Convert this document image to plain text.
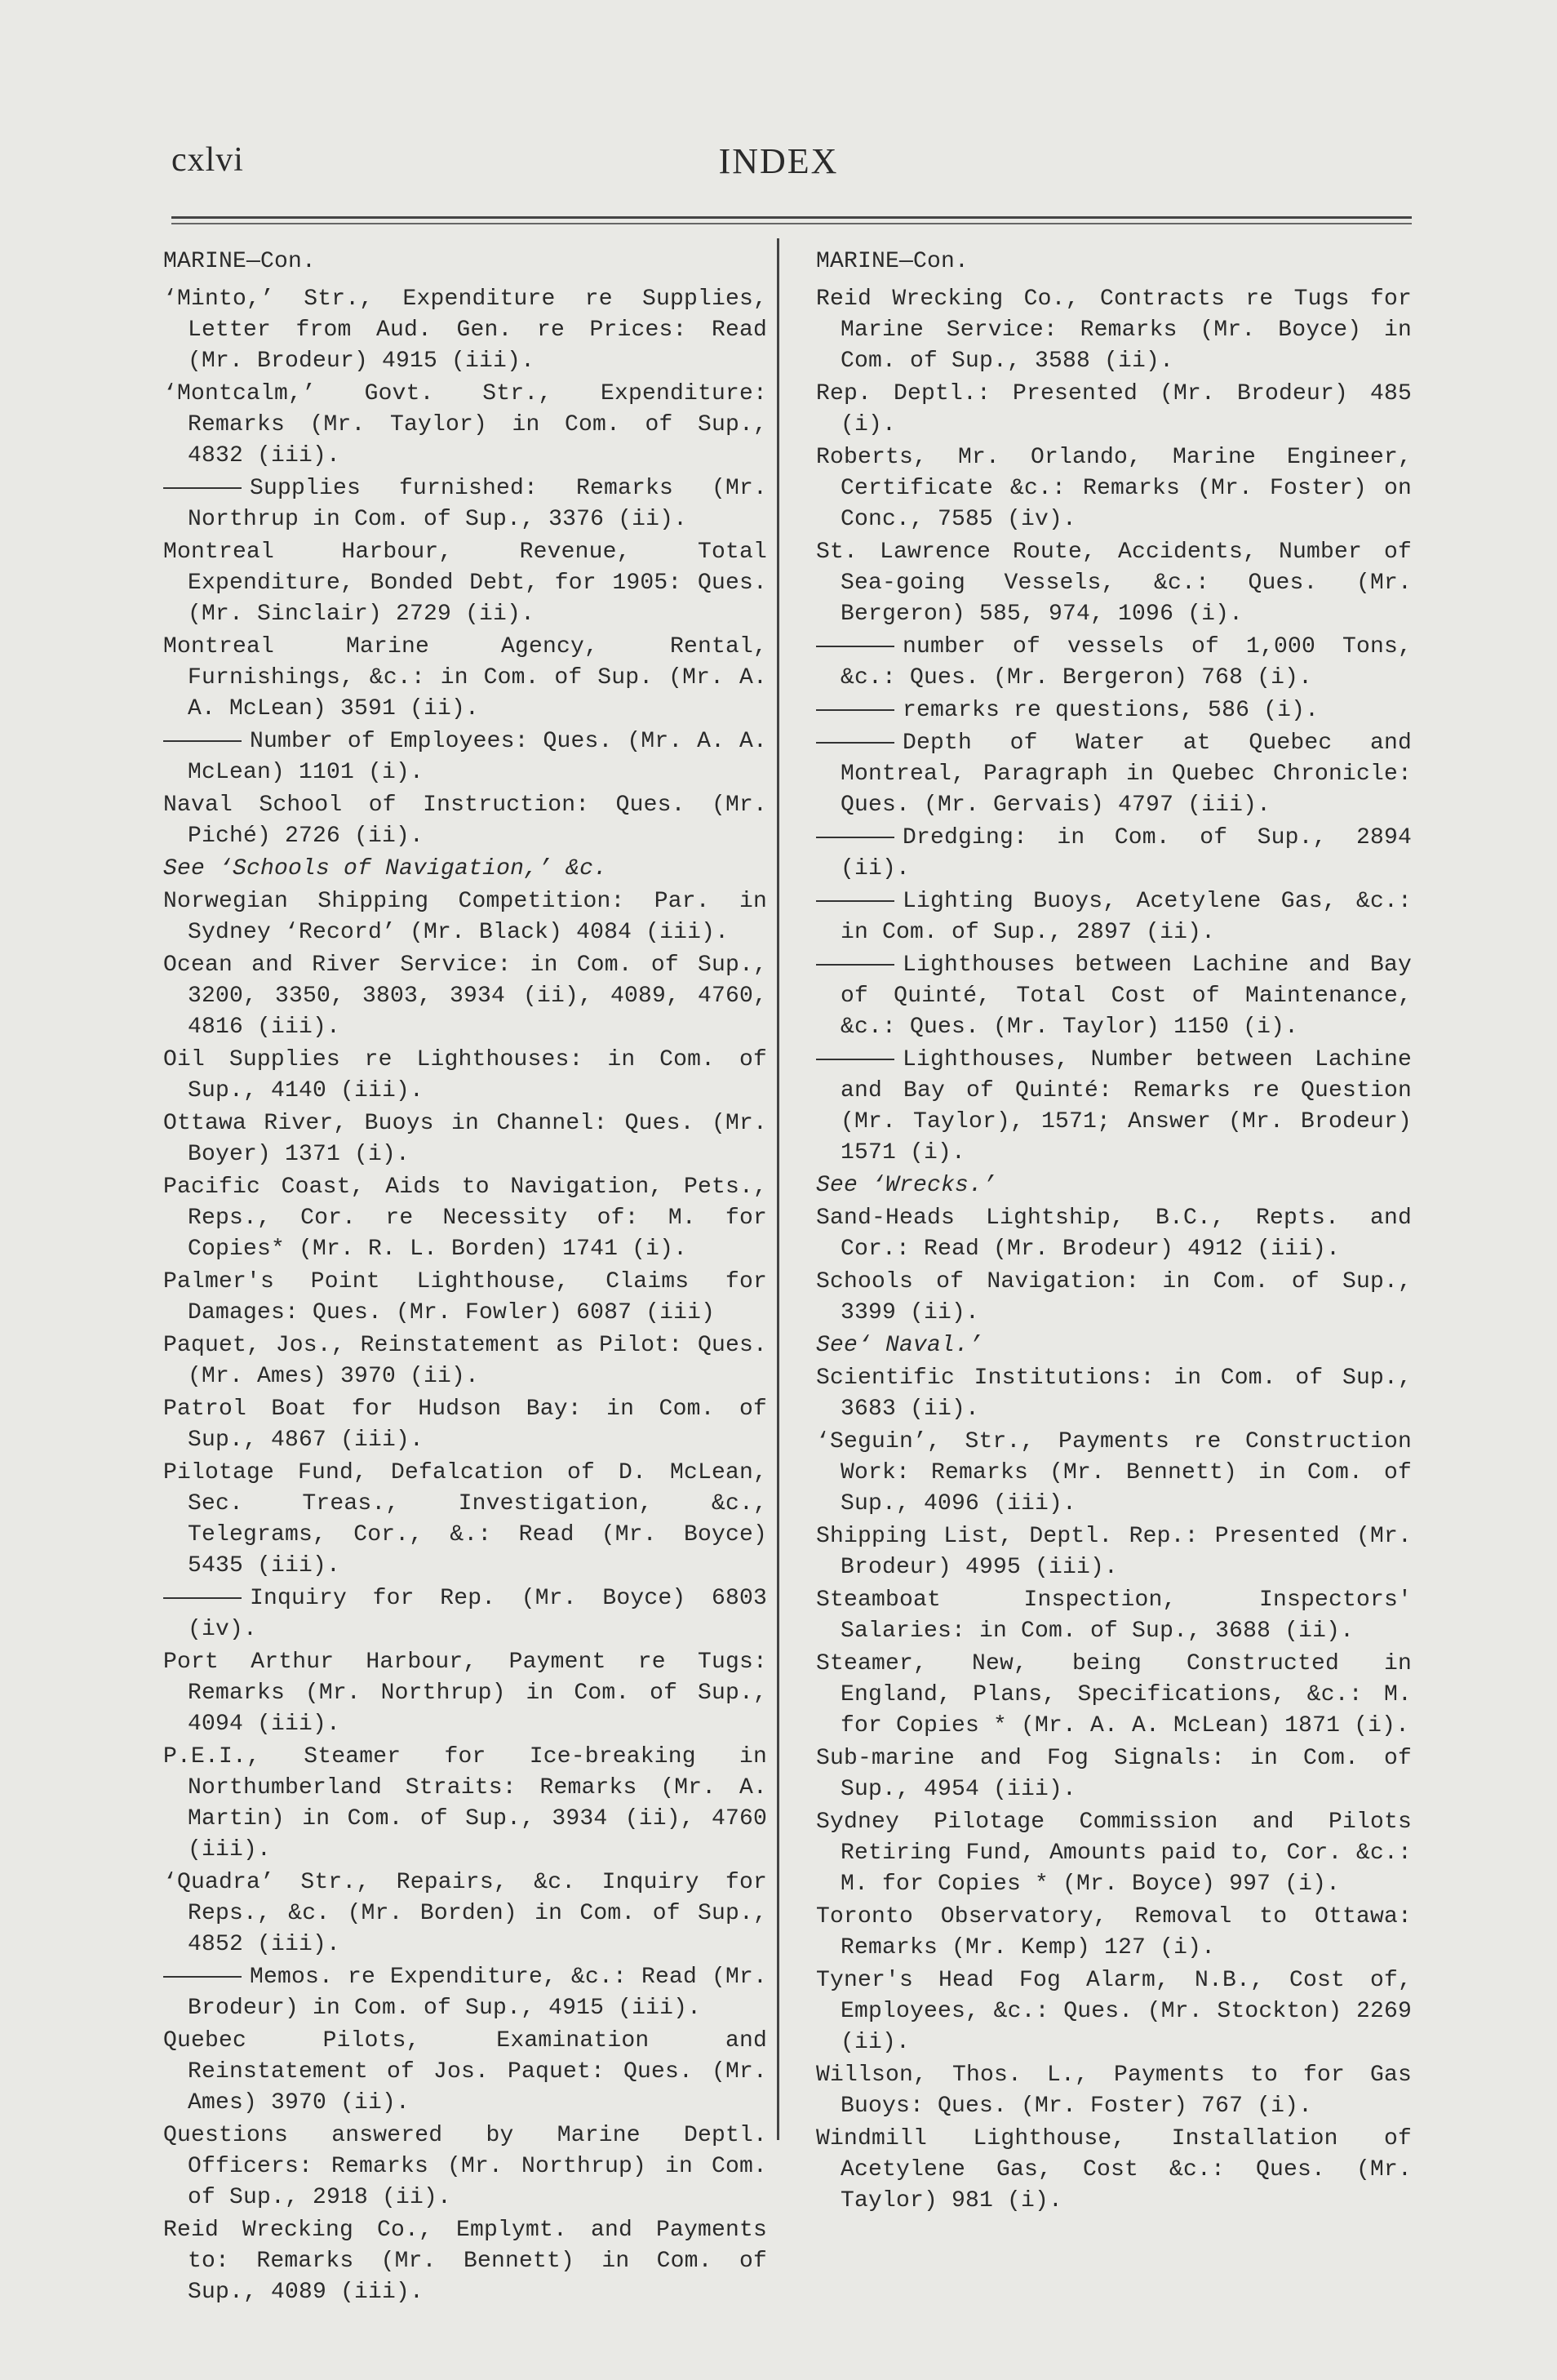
cxlvi	INDEX

MARINE—Con.

‘Minto,’ Str., Expenditure re Supplies, Letter from Aud. Gen. re Prices: Read (Mr. Brodeur) 4915 (iii).

‘Montcalm,’ Govt. Str., Expenditure: Remarks (Mr. Taylor) in Com. of Sup., 4832 (iii).

Supplies furnished: Remarks (Mr. Northrup in Com. of Sup., 3376 (ii).

Montreal Harbour, Revenue, Total Expenditure, Bonded Debt, for 1905: Ques. (Mr. Sinclair) 2729 (ii).

Montreal Marine Agency, Rental, Furnishings, &c.: in Com. of Sup. (Mr. A. A. McLean) 3591 (ii).

Number of Employees: Ques. (Mr. A. A. McLean) 1101 (i).

Naval School of Instruction: Ques. (Mr. Piché) 2726 (ii).

See ‘Schools of Navigation,’ &c.

Norwegian Shipping Competition: Par. in Sydney ‘Record’ (Mr. Black) 4084 (iii).

Ocean and River Service: in Com. of Sup., 3200, 3350, 3803, 3934 (ii), 4089, 4760, 4816 (iii).

Oil Supplies re Lighthouses: in Com. of Sup., 4140 (iii).

Ottawa River, Buoys in Channel: Ques. (Mr. Boyer) 1371 (i).

Pacific Coast, Aids to Navigation, Pets., Reps., Cor. re Necessity of: M. for Copies* (Mr. R. L. Borden) 1741 (i).

Palmer's Point Lighthouse, Claims for Damages: Ques. (Mr. Fowler) 6087 (iii)

Paquet, Jos., Reinstatement as Pilot: Ques. (Mr. Ames) 3970 (ii).

Patrol Boat for Hudson Bay: in Com. of Sup., 4867 (iii).

Pilotage Fund, Defalcation of D. McLean, Sec. Treas., Investigation, &c., Telegrams, Cor., &.: Read (Mr. Boyce) 5435 (iii).

Inquiry for Rep. (Mr. Boyce) 6803 (iv).

Port Arthur Harbour, Payment re Tugs: Remarks (Mr. Northrup) in Com. of Sup., 4094 (iii).

P.E.I., Steamer for Ice-breaking in Northumberland Straits: Remarks (Mr. A. Martin) in Com. of Sup., 3934 (ii), 4760 (iii).

‘Quadra’ Str., Repairs, &c. Inquiry for Reps., &c. (Mr. Borden) in Com. of Sup., 4852 (iii).

Memos. re Expenditure, &c.: Read (Mr. Brodeur) in Com. of Sup., 4915 (iii).

Quebec Pilots, Examination and Reinstatement of Jos. Paquet: Ques. (Mr. Ames) 3970 (ii).

Questions answered by Marine Deptl. Officers: Remarks (Mr. Northrup) in Com. of Sup., 2918 (ii).

Reid Wrecking Co., Emplymt. and Payments to: Remarks (Mr. Bennett) in Com. of Sup., 4089 (iii).

MARINE—Con.

Reid Wrecking Co., Contracts re Tugs for Marine Service: Remarks (Mr. Boyce) in Com. of Sup., 3588 (ii).

Rep. Deptl.: Presented (Mr. Brodeur) 485 (i).

Roberts, Mr. Orlando, Marine Engineer, Certificate &c.: Remarks (Mr. Foster) on Conc., 7585 (iv).

St. Lawrence Route, Accidents, Number of Sea-going Vessels, &c.: Ques. (Mr. Bergeron) 585, 974, 1096 (i).

number of vessels of 1,000 Tons, &c.: Ques. (Mr. Bergeron) 768 (i).

remarks re questions, 586 (i).

Depth of Water at Quebec and Montreal, Paragraph in Quebec Chronicle: Ques. (Mr. Gervais) 4797 (iii).

Dredging: in Com. of Sup., 2894 (ii).

Lighting Buoys, Acetylene Gas, &c.: in Com. of Sup., 2897 (ii).

Lighthouses between Lachine and Bay of Quinté, Total Cost of Maintenance, &c.: Ques. (Mr. Taylor) 1150 (i).

Lighthouses, Number between Lachine and Bay of Quinté: Remarks re Question (Mr. Taylor), 1571; Answer (Mr. Brodeur) 1571 (i).

See ‘Wrecks.’

Sand-Heads Lightship, B.C., Repts. and Cor.: Read (Mr. Brodeur) 4912 (iii).

Schools of Navigation: in Com. of Sup., 3399 (ii).

See‘ Naval.’

Scientific Institutions: in Com. of Sup., 3683 (ii).

‘Seguin’, Str., Payments re Construction Work: Remarks (Mr. Bennett) in Com. of Sup., 4096 (iii).

Shipping List, Deptl. Rep.: Presented (Mr. Brodeur) 4995 (iii).

Steamboat Inspection, Inspectors' Salaries: in Com. of Sup., 3688 (ii).

Steamer, New, being Constructed in England, Plans, Specifications, &c.: M. for Copies * (Mr. A. A. McLean) 1871 (i).

Sub-marine and Fog Signals: in Com. of Sup., 4954 (iii).

Sydney Pilotage Commission and Pilots Retiring Fund, Amounts paid to, Cor. &c.: M. for Copies * (Mr. Boyce) 997 (i).

Toronto Observatory, Removal to Ottawa: Remarks (Mr. Kemp) 127 (i).

Tyner's Head Fog Alarm, N.B., Cost of, Employees, &c.: Ques. (Mr. Stockton) 2269 (ii).

Willson, Thos. L., Payments to for Gas Buoys: Ques. (Mr. Foster) 767 (i).

Windmill Lighthouse, Installation of Acetylene Gas, Cost &c.: Ques. (Mr. Taylor) 981 (i).
